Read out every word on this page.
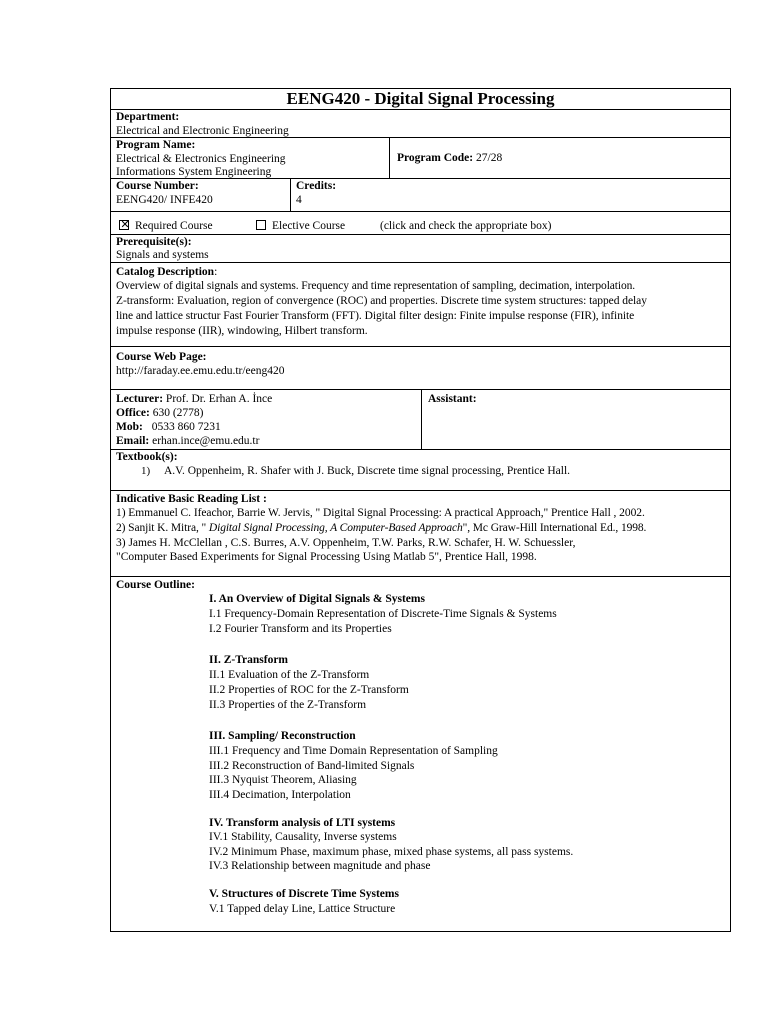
EENG420 - Digital Signal Processing
Department:
Electrical and Electronic Engineering
Program Name:
Electrical & Electronics Engineering
Informations System Engineering
Program Code: 27/28
Course Number:
EENG420/ INFE420
Credits:
4
✕ Required Course	Elective Course	(click and check the appropriate box)
Prerequisite(s):
Signals and systems
Catalog Description:
Overview of digital signals and systems. Frequency and time representation of sampling, decimation, interpolation.
Z-transform: Evaluation, region of convergence (ROC) and properties. Discrete time system structures: tapped delay
line and lattice structur Fast Fourier Transform (FFT). Digital filter design: Finite impulse response (FIR), infinite
impulse response (IIR), windowing, Hilbert transform.
Course Web Page:
http://faraday.ee.emu.edu.tr/eeng420
Lecturer: Prof. Dr. Erhan A. İnce
Office: 630 (2778)
Mob: 0533 860 7231
Email: erhan.ince@emu.edu.tr
Assistant:
Textbook(s):
1) A.V. Oppenheim, R. Shafer with J. Buck, Discrete time signal processing, Prentice Hall.
Indicative Basic Reading List :
1) Emmanuel C. Ifeachor, Barrie W. Jervis, " Digital Signal Processing: A practical Approach," Prentice Hall , 2002.
2) Sanjit K. Mitra, " Digital Signal Processing, A Computer-Based Approach", Mc Graw-Hill International Ed., 1998.
3) James H. McClellan , C.S. Burres, A.V. Oppenheim, T.W. Parks, R.W. Schafer, H. W. Schuessler,
"Computer Based Experiments for Signal Processing Using Matlab 5", Prentice Hall, 1998.
Course Outline:
I. An Overview of Digital Signals & Systems
I.1 Frequency-Domain Representation of Discrete-Time Signals & Systems
I.2 Fourier Transform and its Properties
II. Z-Transform
II.1 Evaluation of the Z-Transform
II.2 Properties of ROC for the Z-Transform
II.3 Properties of the Z-Transform
III. Sampling/ Reconstruction
III.1 Frequency and Time Domain Representation of Sampling
III.2 Reconstruction of Band-limited Signals
III.3 Nyquist Theorem, Aliasing
III.4 Decimation, Interpolation
IV. Transform analysis of LTI systems
IV.1 Stability, Causality, Inverse systems
IV.2 Minimum Phase, maximum phase, mixed phase systems, all pass systems.
IV.3 Relationship between magnitude and phase
V. Structures of Discrete Time Systems
V.1 Tapped delay Line, Lattice Structure
